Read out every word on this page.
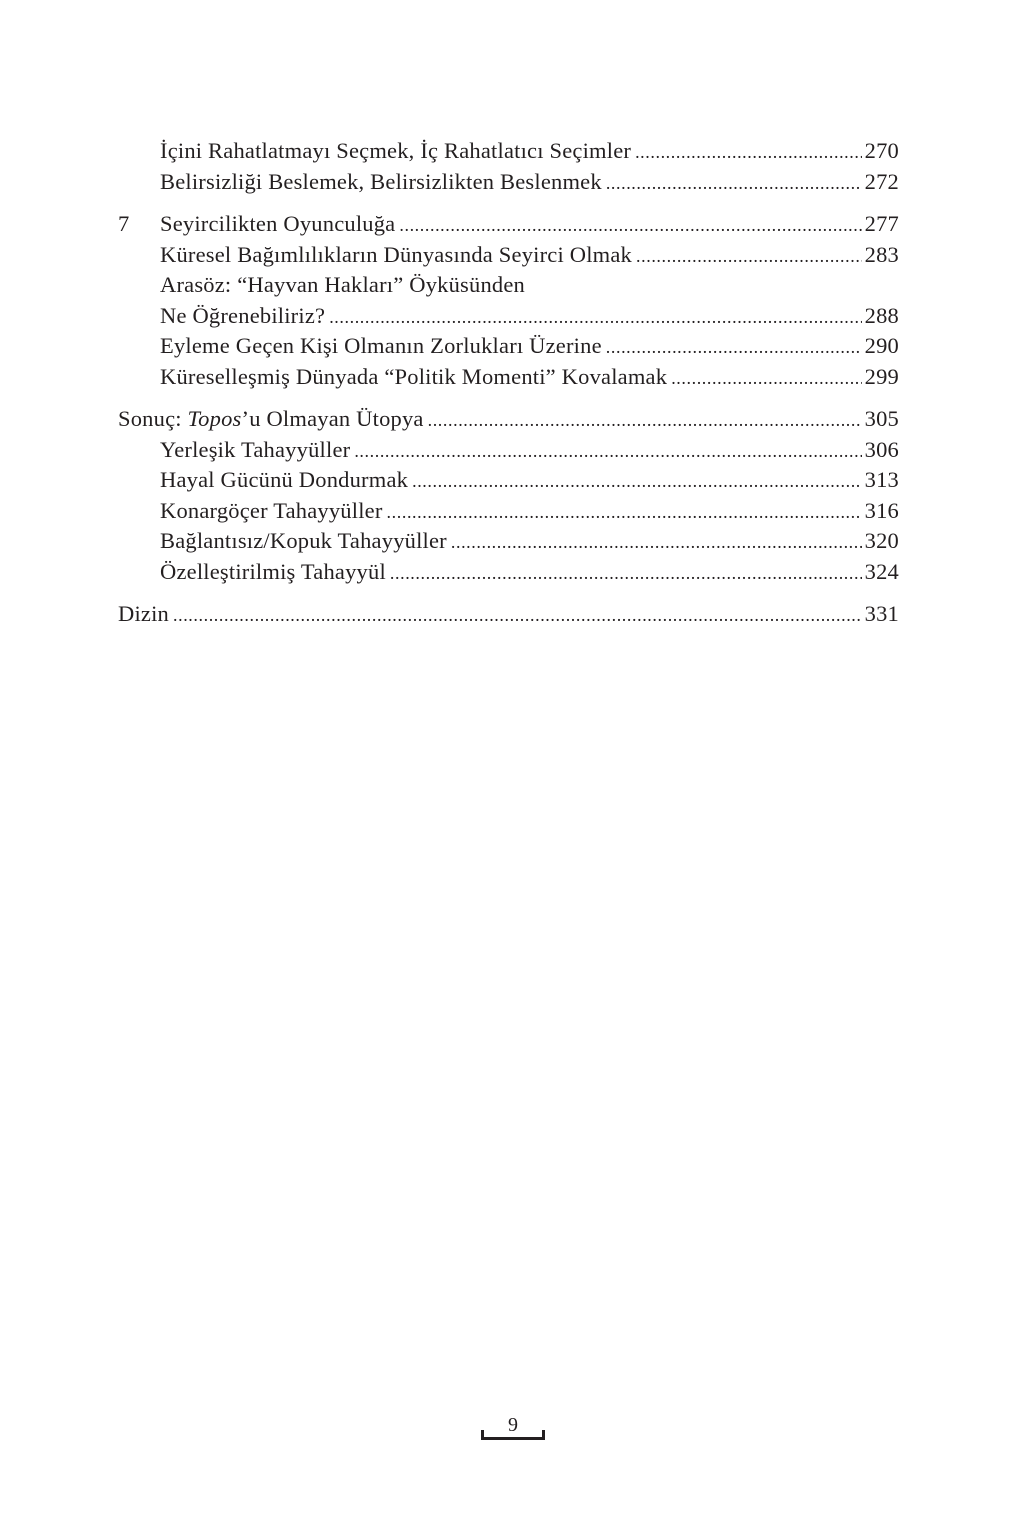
İçini Rahatlatmayı Seçmek, İç Rahatlatıcı Seçimler .....	270
Belirsizliği Beslemek, Belirsizlikten Beslenmek .....	272
7 Seyircilikten Oyunculuğa .....	277
Küresel Bağımlılıkların Dünyasında Seyirci Olmak .....	283
Arasöz: “Hayvan Hakları” Öyküsünden
Ne Öğrenebiliriz? .....	288
Eyleme Geçen Kişi Olmanın Zorlukları Üzerine .....	290
Küreselleşmiş Dünyada “Politik Momenti” Kovalamak .....	299
Sonuç: Topos’u Olmayan Ütopya .....	305
Yerleşik Tahayyüller .....	306
Hayal Gücünü Dondurmak .....	313
Konargöçer Tahayyüller .....	316
Bağlantısız/Kopuk Tahayyüller .....	320
Özelleştirilmiş Tahayyül .....	324
Dizin .....	331
9
